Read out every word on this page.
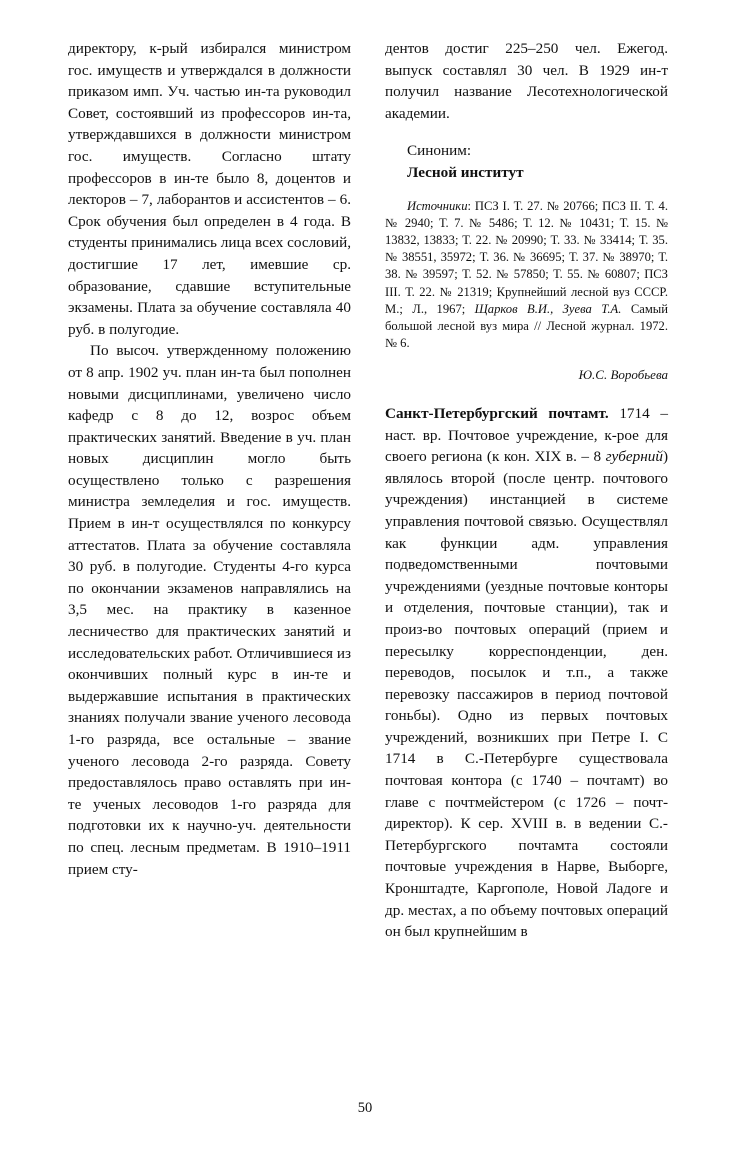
директору, к-рый избирался министром гос. имуществ и утверждался в должности приказом имп. Уч. частью ин-та руководил Совет, состоявший из профессоров ин-та, утверждавшихся в должности министром гос. имуществ. Согласно штату профессоров в ин-те было 8, доцентов и лекторов – 7, лаборантов и ассистентов – 6. Срок обучения был определен в 4 года. В студенты принимались лица всех сословий, достигшие 17 лет, имевшие ср. образование, сдавшие вступительные экзамены. Плата за обучение составляла 40 руб. в полугодие.

По высоч. утвержденному положению от 8 апр. 1902 уч. план ин-та был пополнен новыми дисциплинами, увеличено число кафедр с 8 до 12, возрос объем практических занятий. Введение в уч. план новых дисциплин могло быть осуществлено только с разрешения министра земледелия и гос. имуществ. Прием в ин-т осуществлялся по конкурсу аттестатов. Плата за обучение составляла 30 руб. в полугодие. Студенты 4-го курса по окончании экзаменов направлялись на 3,5 мес. на практику в казенное лесничество для практических занятий и исследовательских работ. Отличившиеся из окончивших полный курс в ин-те и выдержавшие испытания в практических знаниях получали звание ученого лесовода 1-го разряда, все остальные – звание ученого лесовода 2-го разряда. Совету предоставлялось право оставлять при ин-те ученых лесоводов 1-го разряда для подготовки их к научно-уч. деятельности по спец. лесным предметам. В 1910–1911 прием сту-

дентов достиг 225–250 чел. Ежегод. выпуск составлял 30 чел. В 1929 ин-т получил название Лесотехнологической академии.

Синоним:

Лесной институт

Источники: ПСЗ I. Т. 27. № 20766; ПСЗ II. Т. 4. № 2940; Т. 7. № 5486; Т. 12. № 10431; Т. 15. № 13832, 13833; Т. 22. № 20990; Т. 33. № 33414; Т. 35. № 38551, 35972; Т. 36. № 36695; Т. 37. № 38970; Т. 38. № 39597; Т. 52. № 57850; Т. 55. № 60807; ПСЗ III. Т. 22. № 21319; Крупнейший лесной вуз СССР. М.; Л., 1967; Щарков В.И., Зуева Т.А. Самый большой лесной вуз мира // Лесной журнал. 1972. № 6.

Ю.С. Воробьева

Санкт-Петербургский почтамт. 1714 – наст. вр. Почтовое учреждение, к-рое для своего региона (к кон. XIX в. – 8 губерний) являлось второй (после центр. почтового учреждения) инстанцией в системе управления почтовой связью. Осуществлял как функции адм. управления подведомственными почтовыми учреждениями (уездные почтовые конторы и отделения, почтовые станции), так и произ-во почтовых операций (прием и пересылку корреспонденции, ден. переводов, посылок и т.п., а также перевозку пассажиров в период почтовой гоньбы). Одно из первых почтовых учреждений, возникших при Петре I. С 1714 в С.-Петербурге существовала почтовая контора (с 1740 – почтамт) во главе с почтмейстером (с 1726 – почт-директор). К сер. XVIII в. в ведении С.-Петербургского почтамта состояли почтовые учреждения в Нарве, Выборге, Кронштадте, Каргополе, Новой Ладоге и др. местах, а по объему почтовых операций он был крупнейшим в

50
